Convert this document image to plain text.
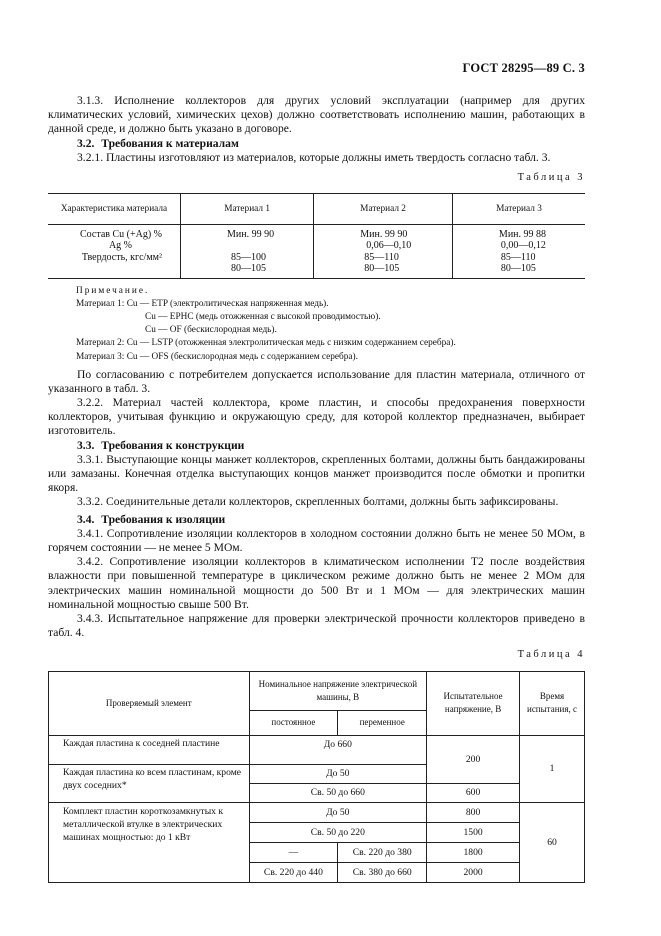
ГОСТ 28295—89 С. 3

3.1.3. Исполнение коллекторов для других условий эксплуатации (например для других климатических условий, химических цехов) должно соответствовать исполнению машин, работающих в данной среде, и должно быть указано в договоре.

3.2. Требования к материалам

3.2.1. Пластины изготовляют из материалов, которые должны иметь твердость согласно табл. 3.

Таблица 3

Характеристика материала	Материал 1	Материал 2	Материал 3
Состав Cu (+Ag) %	Мин. 99 90	Мин. 99 90	Мин. 99 88
Ag %		0,06—0,10	0,00—0,12
Твердость, кгс/мм²	85—100	85—110	85—110
	80—105	80—105	80—105
Примечание.
Материал 1: Cu — ETP (электролитическая напряженная медь).
Cu — EPHC (медь отожженная с высокой проводимостью).
Cu — OF (бескислородная медь).
Материал 2: Cu — LSTP (отожженная электролитическая медь с низким содержанием серебра).
Материал 3: Cu — OFS (бескислородная медь с содержанием серебра).

По согласованию с потребителем допускается использование для пластин материала, отличного от указанного в табл. 3.

3.2.2. Материал частей коллектора, кроме пластин, и способы предохранения поверхности коллекторов, учитывая функцию и окружающую среду, для которой коллектор предназначен, выбирает изготовитель.

3.3. Требования к конструкции

3.3.1. Выступающие концы манжет коллекторов, скрепленных болтами, должны быть бандажированы или замазаны. Конечная отделка выступающих концов манжет производится после обмотки и пропитки якоря.

3.3.2. Соединительные детали коллекторов, скрепленных болтами, должны быть зафиксированы.

3.4. Требования к изоляции

3.4.1. Сопротивление изоляции коллекторов в холодном состоянии должно быть не менее 50 МОм, в горячем состоянии — не менее 5 МОм.

3.4.2. Сопротивление изоляции коллекторов в климатическом исполнении Т2 после воздействия влажности при повышенной температуре в циклическом режиме должно быть не менее 2 МОм для электрических машин номинальной мощности до 500 Вт и 1 МОм — для электрических машин номинальной мощностью свыше 500 Вт.

3.4.3. Испытательное напряжение для проверки электрической прочности коллекторов приведено в табл. 4.

Таблица 4

Проверяемый элемент	Номинальное напряжение электрической машины, В		Испытательное напряжение, В	Время испытания, с
	постоянное	переменное		
Каждая пластина к соседней пластине	До 660		200	1
Каждая пластина ко всем пластинам, кроме двух соседних*	До 50			
	Св. 50 до 660		600	
Комплект пластин короткозамкнутых к металлической втулке в электрических машинах мощностью: до 1 кВт	До 50		800	60
	Св. 50 до 220		1500	
	—	Св. 220 до 380	1800	
	Св. 220 до 440	Св. 380 до 660	2000	
